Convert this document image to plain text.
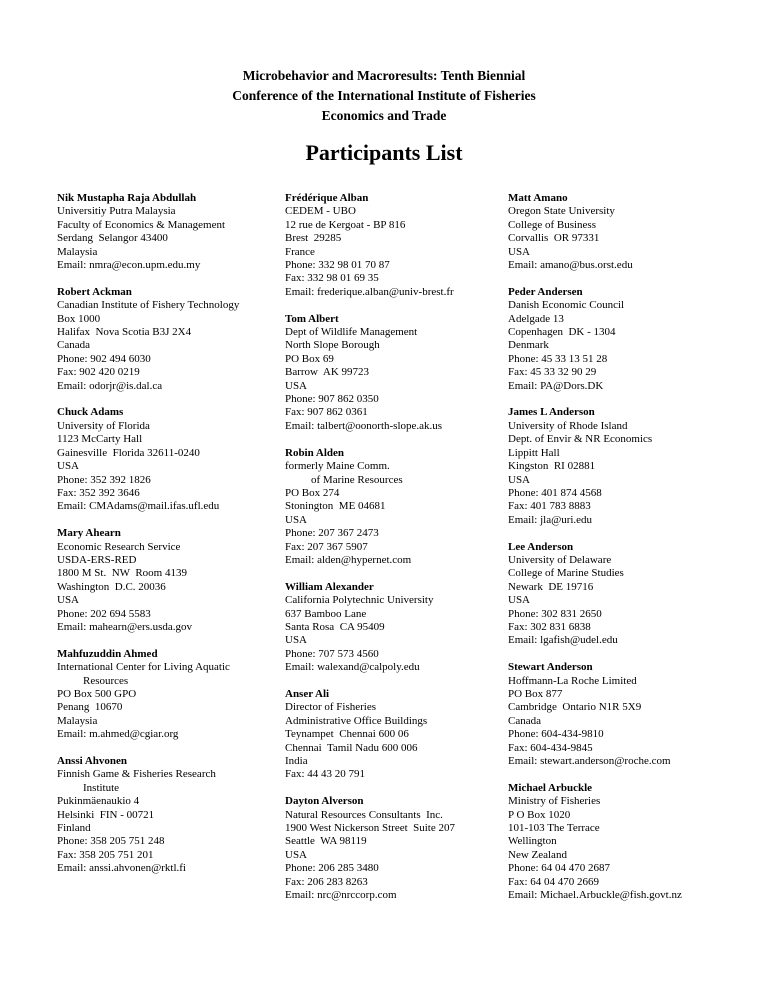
Microbehavior and Macroresults: Tenth Biennial
Conference of the International Institute of Fisheries
Economics and Trade
Participants List
Nik Mustapha Raja Abdullah
Universitiy Putra Malaysia
Faculty of Economics & Management
Serdang  Selangor 43400
Malaysia
Email: nmra@econ.upm.edu.my
Robert Ackman
Canadian Institute of Fishery Technology
Box 1000
Halifax  Nova Scotia B3J 2X4
Canada
Phone: 902 494 6030
Fax: 902 420 0219
Email: odorjr@is.dal.ca
Chuck Adams
University of Florida
1123 McCarty Hall
Gainesville  Florida 32611-0240
USA
Phone: 352 392 1826
Fax: 352 392 3646
Email: CMAdams@mail.ifas.ufl.edu
Mary Ahearn
Economic Research Service
USDA-ERS-RED
1800 M St.  NW  Room 4139
Washington  D.C. 20036
USA
Phone: 202 694 5583
Email: mahearn@ers.usda.gov
Mahfuzuddin Ahmed
International Center for Living Aquatic
Resources
PO Box 500 GPO
Penang  10670
Malaysia
Email: m.ahmed@cgiar.org
Anssi Ahvonen
Finnish Game & Fisheries Research
Institute
Pukinmäenaukio 4
Helsinki  FIN - 00721
Finland
Phone: 358 205 751 248
Fax: 358 205 751 201
Email: anssi.ahvonen@rktl.fi
Frédérique Alban
CEDEM - UBO
12 rue de Kergoat - BP 816
Brest  29285
France
Phone: 332 98 01 70 87
Fax: 332 98 01 69 35
Email: frederique.alban@univ-brest.fr
Tom Albert
Dept of Wildlife Management
North Slope Borough
PO Box 69
Barrow  AK 99723
USA
Phone: 907 862 0350
Fax: 907 862 0361
Email: talbert@oonorth-slope.ak.us
Robin Alden
formerly Maine Comm.
of Marine Resources
PO Box 274
Stonington  ME 04681
USA
Phone: 207 367 2473
Fax: 207 367 5907
Email: alden@hypernet.com
William Alexander
California Polytechnic University
637 Bamboo Lane
Santa Rosa  CA 95409
USA
Phone: 707 573 4560
Email: walexand@calpoly.edu
Anser Ali
Director of Fisheries
Administrative Office Buildings
Teynampet  Chennai 600 06
Chennai  Tamil Nadu 600 006
India
Fax: 44 43 20 791
Dayton Alverson
Natural Resources Consultants  Inc.
1900 West Nickerson Street  Suite 207
Seattle  WA 98119
USA
Phone: 206 285 3480
Fax: 206 283 8263
Email: nrc@nrccorp.com
Matt Amano
Oregon State University
College of Business
Corvallis  OR 97331
USA
Email: amano@bus.orst.edu
Peder Andersen
Danish Economic Council
Adelgade 13
Copenhagen  DK - 1304
Denmark
Phone: 45 33 13 51 28
Fax: 45 33 32 90 29
Email: PA@Dors.DK
James L Anderson
University of Rhode Island
Dept. of Envir & NR Economics
Lippitt Hall
Kingston  RI 02881
USA
Phone: 401 874 4568
Fax: 401 783 8883
Email: jla@uri.edu
Lee Anderson
University of Delaware
College of Marine Studies
Newark  DE 19716
USA
Phone: 302 831 2650
Fax: 302 831 6838
Email: lgafish@udel.edu
Stewart Anderson
Hoffmann-La Roche Limited
PO Box 877
Cambridge  Ontario N1R 5X9
Canada
Phone: 604-434-9810
Fax: 604-434-9845
Email: stewart.anderson@roche.com
Michael Arbuckle
Ministry of Fisheries
P O Box 1020
101-103 The Terrace
Wellington
New Zealand
Phone: 64 04 470 2687
Fax: 64 04 470 2669
Email: Michael.Arbuckle@fish.govt.nz
